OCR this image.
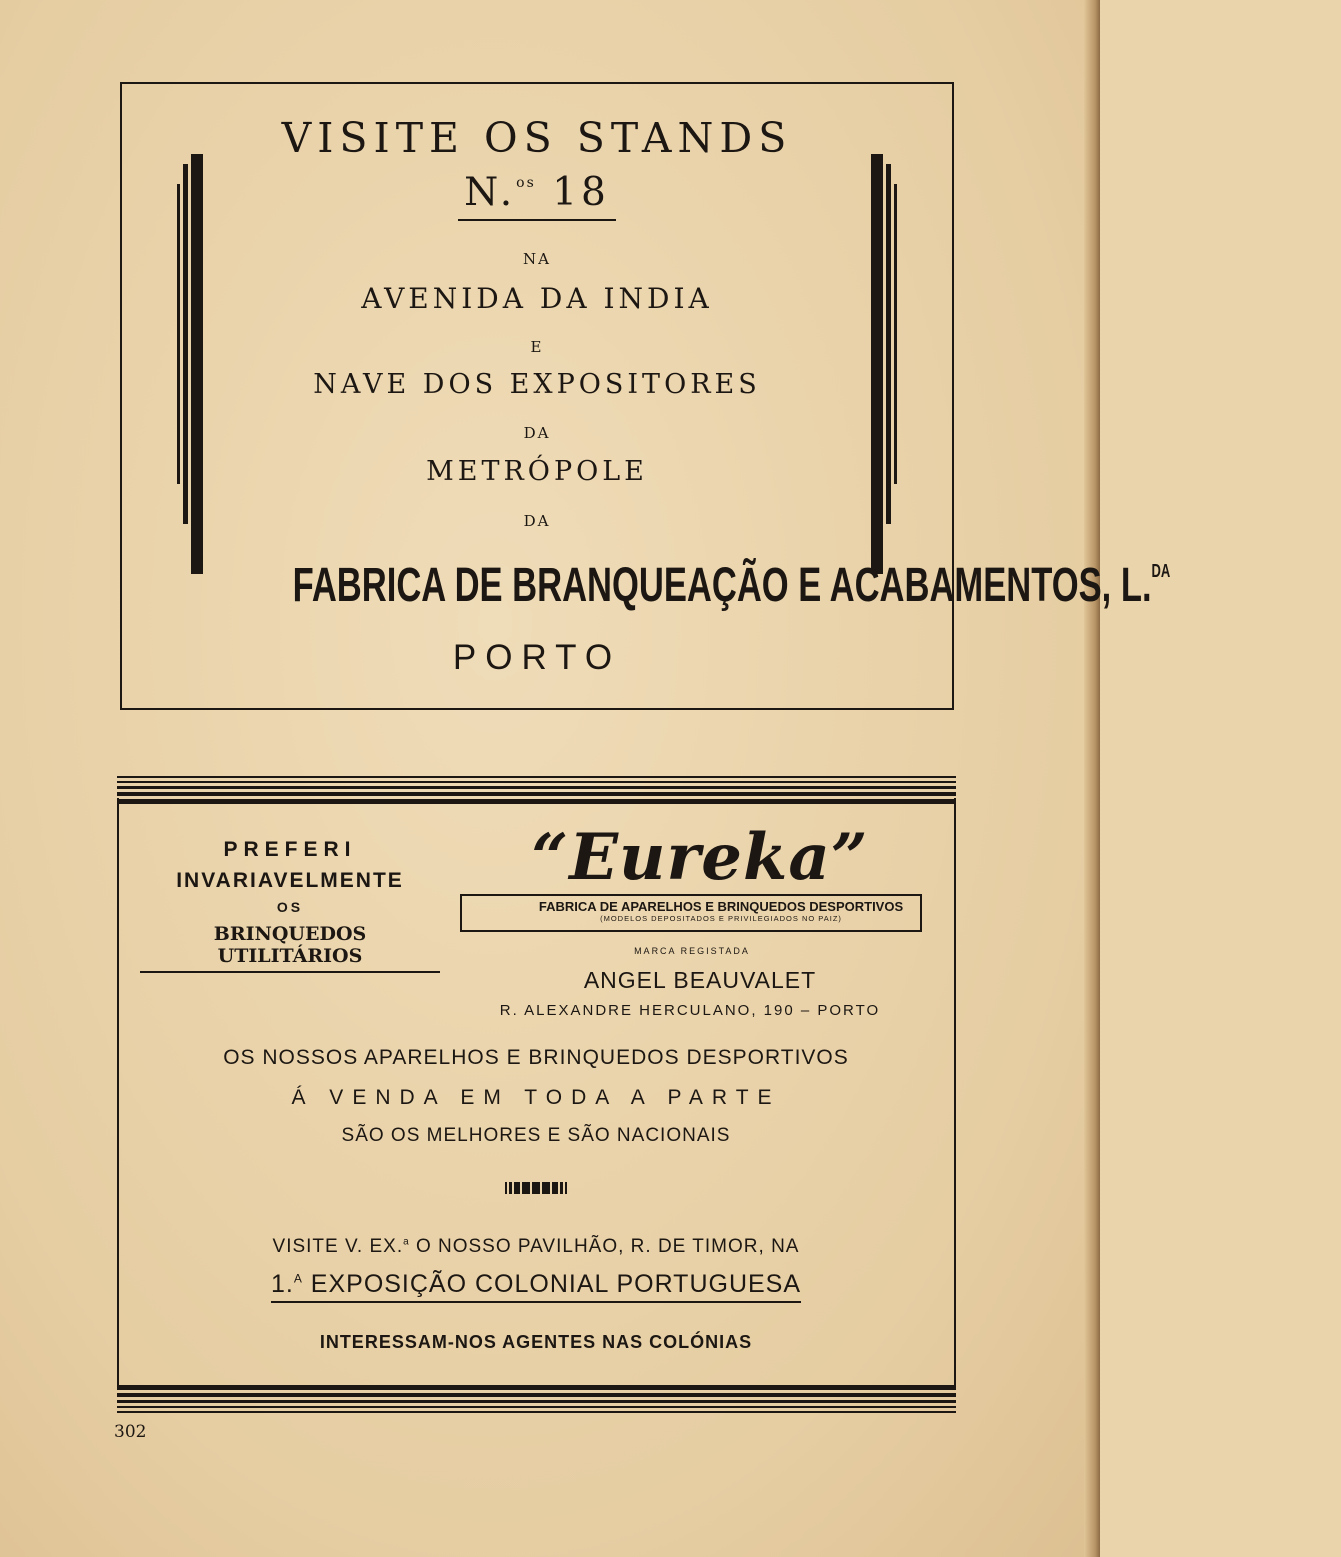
VISITE OS STANDS
N.$^{os}$ 18
NA
AVENIDA DA INDIA
E
NAVE DOS EXPOSITORES
DA
METRÓPOLE
DA
FABRICA DE BRANQUEAÇÃO E ACABAMENTOS, L.$^{DA}$
PORTO
PREFERI
INVARIAVELMENTE
OS
BRINQUEDOS UTILITÁRIOS
“Eureka”
FABRICA DE APARELHOS E BRINQUEDOS DESPORTIVOS
(MODELOS DEPOSITADOS E PRIVILEGIADOS NO PAIZ)
MARCA REGISTADA
ANGEL BEAUVALET
R. ALEXANDRE HERCULANO, 190 – PORTO
OS NOSSOS APARELHOS E BRINQUEDOS DESPORTIVOS
Á VENDA EM TODA A PARTE
SÃO OS MELHORES E SÃO NACIONAIS
VISITE V. EX.$^a$ O NOSSO PAVILHÃO, R. DE TIMOR, NA
1.$^A$ EXPOSIÇÃO COLONIAL PORTUGUESA
INTERESSAM-NOS AGENTES NAS COLÓNIAS
302
